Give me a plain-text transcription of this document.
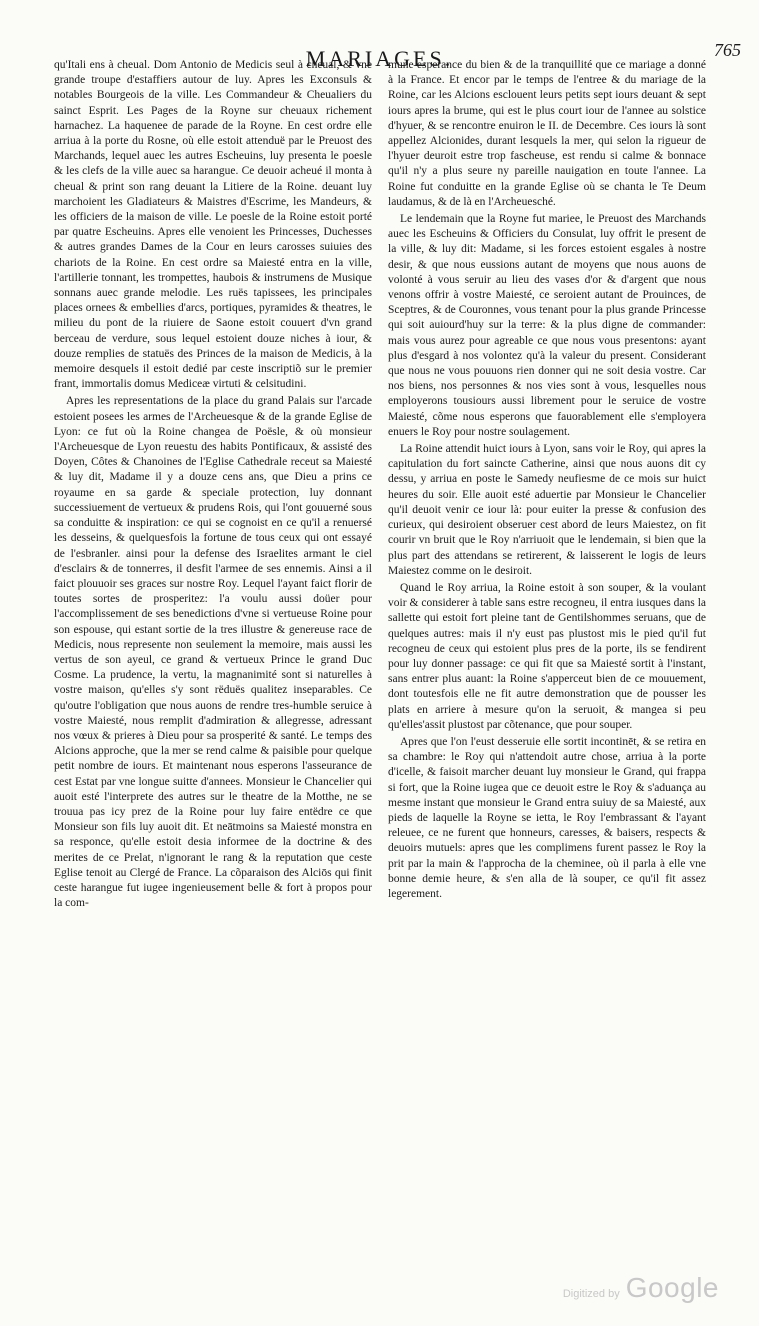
MARIAGES.	765

qu'Itali ens à cheual. Dom Antonio de Medicis seul à cheual, & vne grande troupe d'estaffiers autour de luy. Apres les Exconsuls & notables Bourgeois de la ville. Les Commandeur & Cheualiers du sainct Esprit. Les Pages de la Royne sur cheuaux richement harnachez. La haquenee de parade de la Royne. En cest ordre elle arriua à la porte du Rosne, où elle estoit attenduë par le Preuost des Marchands, lequel auec les autres Escheuins, luy presenta le poesle & les clefs de la ville auec sa harangue. Ce deuoir acheué il monta à cheual & print son rang deuant la Litiere de la Roine. deuant luy marchoient les Gladiateurs & Maistres d'Escrime, les Mandeurs, & les officiers de la maison de ville. Le poesle de la Roine estoit porté par quatre Escheuins. Apres elle venoient les Princesses, Duchesses & autres grandes Dames de la Cour en leurs carosses suiuies des chariots de la Roine. En cest ordre sa Maiesté entra en la ville, l'artillerie tonnant, les trompettes, haubois & instrumens de Musique sonnans auec grande melodie. Les ruës tapissees, les principales places ornees & embellies d'arcs, portiques, pyramides & theatres, le milieu du pont de la riuiere de Saone estoit couuert d'vn grand berceau de verdure, sous lequel estoient douze niches à iour, & douze remplies de statuës des Princes de la maison de Medicis, à la memoire desquels il estoit dedié par ceste inscriptiõ sur le premier frant, immortalis domus Mediceæ virtuti & celsitudini.

Apres les representations de la place du grand Palais sur l'arcade estoient posees les armes de l'Archeuesque & de la grande Eglise de Lyon: ce fut où la Roine changea de Poësle, & où monsieur l'Archeuesque de Lyon reuestu des habits Pontificaux, & assisté des Doyen, Côtes & Chanoines de l'Eglise Cathedrale receut sa Maiesté & luy dit, Madame il y a douze cens ans, que Dieu a prins ce royaume en sa garde & speciale protection, luy donnant successiuement de vertueux & prudens Rois, qui l'ont gouuerné sous sa conduitte & inspiration: ce qui se cognoist en ce qu'il a renuersé les desseins, & quelquesfois la fortune de tous ceux qui ont essayé de l'esbranler. ainsi pour la defense des Israelites armant le ciel d'esclairs & de tonnerres, il desfit l'armee de ses ennemis. Ainsi a il faict plouuoir ses graces sur nostre Roy. Lequel l'ayant faict florir de toutes sortes de prosperitez: l'a voulu aussi doüer pour l'accomplissement de ses benedictions d'vne si vertueuse Roine pour son espouse, qui estant sortie de la tres illustre & genereuse race de Medicis, nous represente non seulement la memoire, mais aussi les vertus de son ayeul, ce grand & vertueux Prince le grand Duc Cosme. La prudence, la vertu, la magnanimité sont si naturelles à vostre maison, qu'elles s'y sont rëduës qualitez inseparables. Ce qu'outre l'obligation que nous auons de rendre tres-humble seruice à vostre Maiesté, nous remplit d'admiration & allegresse, adressant nos vœux & prieres à Dieu pour sa prosperité & santé. Le temps des Alcions approche, que la mer se rend calme & paisible pour quelque petit nombre de iours. Et maintenant nous esperons l'asseurance de cest Estat par vne longue suitte d'annees. Monsieur le Chancelier qui auoit esté l'interprete des autres sur le theatre de la Motthe, ne se trouua pas icy prez de la Roine pour luy faire entëdre ce que Monsieur son fils luy auoit dit. Et neātmoins sa Maiesté monstra en sa responce, qu'elle estoit desia informee de la doctrine & des merites de ce Prelat, n'ignorant le rang & la reputation que ceste Eglise tenoit au Clergé de France. La cõparaison des Alciōs qui finit ceste harangue fut iugee ingenieusement belle & fort à propos pour la com-

mune esperance du bien & de la tranquillité que ce mariage a donné à la France. Et encor par le temps de l'entree & du mariage de la Roine, car les Alcions esclouent leurs petits sept iours deuant & sept iours apres la brume, qui est le plus court iour de l'annee au solstice d'hyuer, & se rencontre enuiron le II. de Decembre. Ces iours là sont appellez Alcionides, durant lesquels la mer, qui selon la rigueur de l'hyuer deuroit estre trop fascheuse, est rendu si calme & bonnace qu'il n'y a plus seure ny pareille nauigation en toute l'annee. La Roine fut conduitte en la grande Eglise où se chanta le Te Deum laudamus, & de là en l'Archeuesché.

Le lendemain que la Royne fut mariee, le Preuost des Marchands auec les Escheuins & Officiers du Consulat, luy offrit le present de la ville, & luy dit: Madame, si les forces estoient esgales à nostre desir, & que nous eussions autant de moyens que nous auons de volonté à vous seruir au lieu des vases d'or & d'argent que nous venons offrir à vostre Maiesté, ce seroient autant de Prouinces, de Sceptres, & de Couronnes, vous tenant pour la plus grande Princesse qui soit auiourd'huy sur la terre: & la plus digne de commander: mais vous aurez pour agreable ce que nous vous presentons: ayant plus d'esgard à nos volontez qu'à la valeur du present. Considerant que nous ne vous pouuons rien donner qui ne soit desia vostre. Car nos biens, nos personnes & nos vies sont à vous, lesquelles nous employerons tousiours aussi librement pour le seruice de vostre Maiesté, cõme nous esperons que fauorablement elle s'employera enuers le Roy pour nostre soulagement.

La Roine attendit huict iours à Lyon, sans voir le Roy, qui apres la capitulation du fort saincte Catherine, ainsi que nous auons dit cy dessu, y arriua en poste le Samedy neufiesme de ce mois sur huict heures du soir. Elle auoit esté aduertie par Monsieur le Chancelier qu'il deuoit venir ce iour là: pour euiter la presse & confusion des curieux, qui desiroient obseruer cest abord de leurs Maiestez, on fit courir vn bruit que le Roy n'arriuoit que le lendemain, si bien que la plus part des attendans se retirerent, & laisserent le logis de leurs Maiestez comme on le desiroit.

Quand le Roy arriua, la Roine estoit à son souper, & la voulant voir & considerer à table sans estre recogneu, il entra iusques dans la sallette qui estoit fort pleine tant de Gentilshommes seruans, que de quelques autres: mais il n'y eust pas plustost mis le pied qu'il fut recogneu de ceux qui estoient plus pres de la porte, ils se fendirent pour luy donner passage: ce qui fit que sa Maiesté sortit à l'instant, sans entrer plus auant: la Roine s'apperceut bien de ce mouuement, dont toutesfois elle ne fit autre demonstration que de pousser les plats en arriere à mesure qu'on la seruoit, & mangea si peu qu'elles'assit plustost par cõtenance, que pour souper.

Apres que l'on l'eust desseruie elle sortit incontinēt, & se retira en sa chambre: le Roy qui n'attendoit autre chose, arriua à la porte d'icelle, & faisoit marcher deuant luy monsieur le Grand, qui frappa si fort, que la Roine iugea que ce deuoit estre le Roy & s'aduança au mesme instant que monsieur le Grand entra suiuy de sa Maiesté, aux pieds de laquelle la Royne se ietta, le Roy l'embrassant & l'ayant releuee, ce ne furent que honneurs, caresses, & baisers, respects & deuoirs mutuels: apres que les complimens furent passez le Roy la prit par la main & l'approcha de la cheminee, où il parla à elle vne bonne demie heure, & s'en alla de là souper, ce qu'il fit assez legerement.

Digitized by Google
